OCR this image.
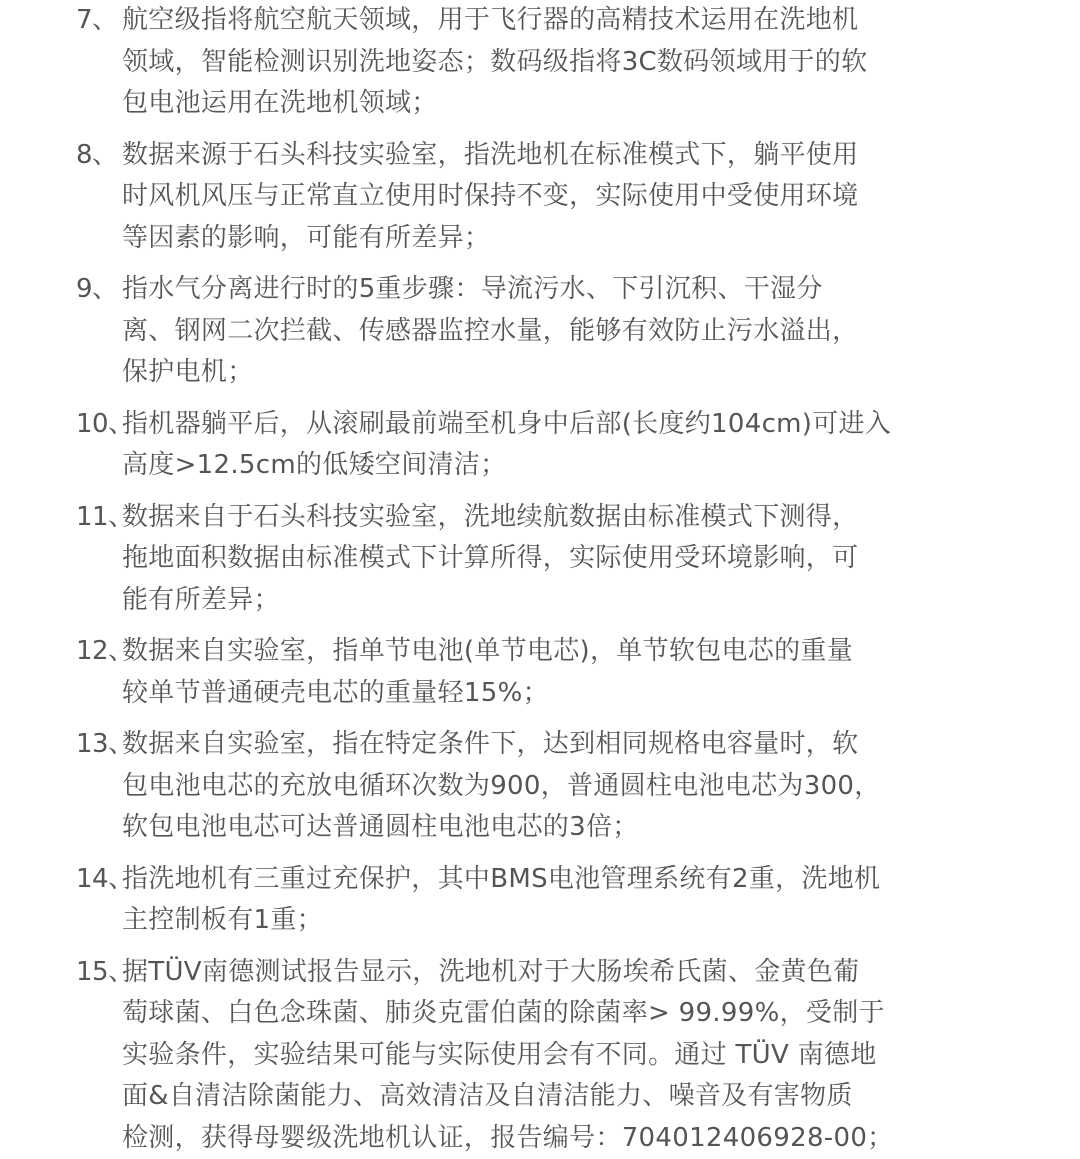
7、 航空级指将航空航天领域，用于飞行器的高精技术运用在洗地机
领域，智能检测识别洗地姿态；数码级指将3C数码领域用于的软
包电池运用在洗地机领域；
8、 数据来源于石头科技实验室，指洗地机在标准模式下，躺平使用
时风机风压与正常直立使用时保持不变，实际使用中受使用环境
等因素的影响，可能有所差异；
9、 指水气分离进行时的5重步骤：导流污水、下引沉积、干湿分
离、钢网二次拦截、传感器监控水量，能够有效防止污水溢出，
保护电机；
10、
指机器躺平后，从滚刷最前端至机身中后部(长度约104cm)可进入
高度>12.5cm的低矮空间清洁；
11、
数据来自于石头科技实验室，洗地续航数据由标准模式下测得，
拖地面积数据由标准模式下计算所得，实际使用受环境影响，可
能有所差异；
12、
数据来自实验室，指单节电池(单节电芯)，单节软包电芯的重量
较单节普通硬壳电芯的重量轻15%；
13、
数据来自实验室，指在特定条件下，达到相同规格电容量时，软
包电池电芯的充放电循环次数为900，普通圆柱电池电芯为300，
软包电池电芯可达普通圆柱电池电芯的3倍；
14、
指洗地机有三重过充保护，其中BMS电池管理系统有2重，洗地机
主控制板有1重；
15、
据TÜV南德测试报告显示，洗地机对于大肠埃希氏菌、金黄色葡
萄球菌、白色念珠菌、肺炎克雷伯菌的除菌率> 99.99%，受制于
实验条件，实验结果可能与实际使用会有不同。通过 TÜV 南德地
面&自清洁除菌能力、高效清洁及自清洁能力、噪音及有害物质
检测，获得母婴级洗地机认证，报告编号：704012406928-00；
